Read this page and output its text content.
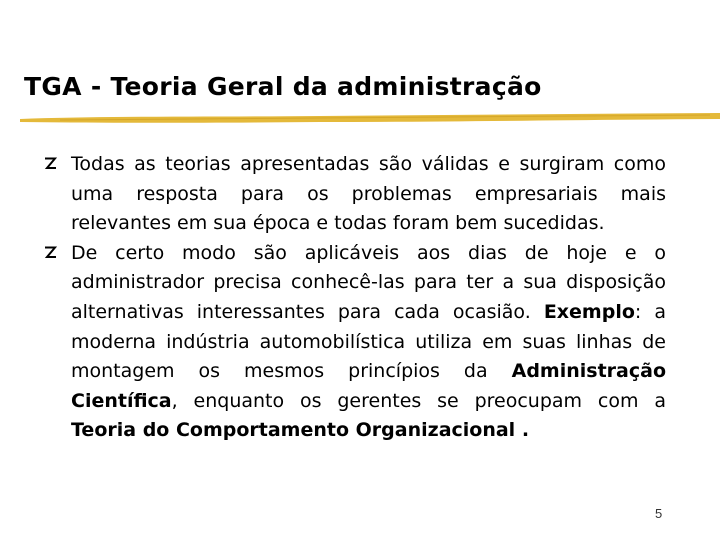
TGA - Teoria Geral da administração
Todas as teorias apresentadas são válidas e surgiram como uma resposta para os problemas empresariais mais relevantes em sua época e todas foram bem sucedidas.
De certo modo são aplicáveis aos dias de hoje e o administrador precisa conhecê-las para ter a sua disposição alternativas interessantes para cada ocasião. Exemplo: a moderna indústria automobilística utiliza em suas linhas de montagem os mesmos princípios da Administração Científica, enquanto os gerentes se preocupam com a Teoria do Comportamento Organizacional .
5
